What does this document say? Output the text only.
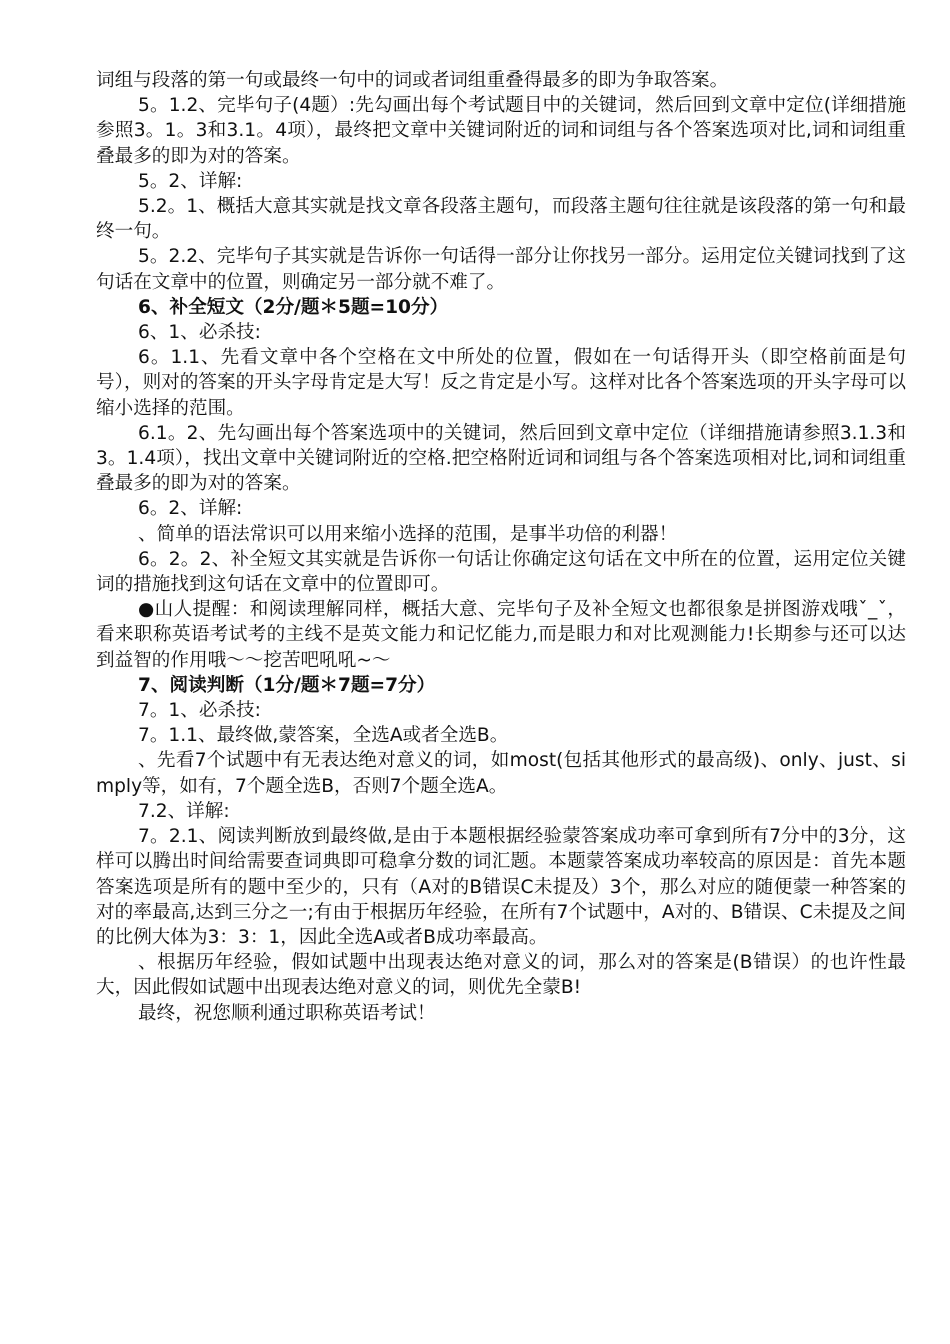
词组与段落的第一句或最终一句中的词或者词组重叠得最多的即为争取答案。

5。1.2、完毕句子(4题）:先勾画出每个考试题目中的关键词，然后回到文章中定位(详细措施参照3。1。3和3.1。4项），最终把文章中关键词附近的词和词组与各个答案选项对比,词和词组重叠最多的即为对的答案。

5。2、详解:

5.2。1、概括大意其实就是找文章各段落主题句，而段落主题句往往就是该段落的第一句和最终一句。

5。2.2、完毕句子其实就是告诉你一句话得一部分让你找另一部分。运用定位关键词找到了这句话在文章中的位置，则确定另一部分就不难了。

6、补全短文（2分/题＊5题=10分）

6、1、必杀技:

6。1.1、先看文章中各个空格在文中所处的位置，假如在一句话得开头（即空格前面是句号），则对的答案的开头字母肯定是大写！反之肯定是小写。这样对比各个答案选项的开头字母可以缩小选择的范围。

6.1。2、先勾画出每个答案选项中的关键词，然后回到文章中定位（详细措施请参照3.1.3和3。1.4项），找出文章中关键词附近的空格.把空格附近词和词组与各个答案选项相对比,词和词组重叠最多的即为对的答案。

6。2、详解:

、简单的语法常识可以用来缩小选择的范围，是事半功倍的利器！

6。2。2、补全短文其实就是告诉你一句话让你确定这句话在文中所在的位置，运用定位关键词的措施找到这句话在文章中的位置即可。

●山人提醒：和阅读理解同样，概括大意、完毕句子及补全短文也都很象是拼图游戏哦ˇ_ˇ，看来职称英语考试考的主线不是英文能力和记忆能力,而是眼力和对比观测能力!长期参与还可以达到益智的作用哦～～挖苦吧吼吼~～

7、阅读判断（1分/题＊7题=7分）

7。1、必杀技:

7。1.1、最终做,蒙答案，全选A或者全选B。

、先看7个试题中有无表达绝对意义的词，如most(包括其他形式的最高级)、only、just、simply等，如有，7个题全选B，否则7个题全选A。

7.2、详解:

7。2.1、阅读判断放到最终做,是由于本题根据经验蒙答案成功率可拿到所有7分中的3分，这样可以腾出时间给需要查词典即可稳拿分数的词汇题。本题蒙答案成功率较高的原因是：首先本题答案选项是所有的题中至少的，只有（A对的B错误C未提及）3个，那么对应的随便蒙一种答案的对的率最高,达到三分之一;有由于根据历年经验，在所有7个试题中，A对的、B错误、C未提及之间的比例大体为3：3：1，因此全选A或者B成功率最高。

、根据历年经验，假如试题中出现表达绝对意义的词，那么对的答案是(B错误）的也许性最大，因此假如试题中出现表达绝对意义的词，则优先全蒙B!

最终，祝您顺利通过职称英语考试！
